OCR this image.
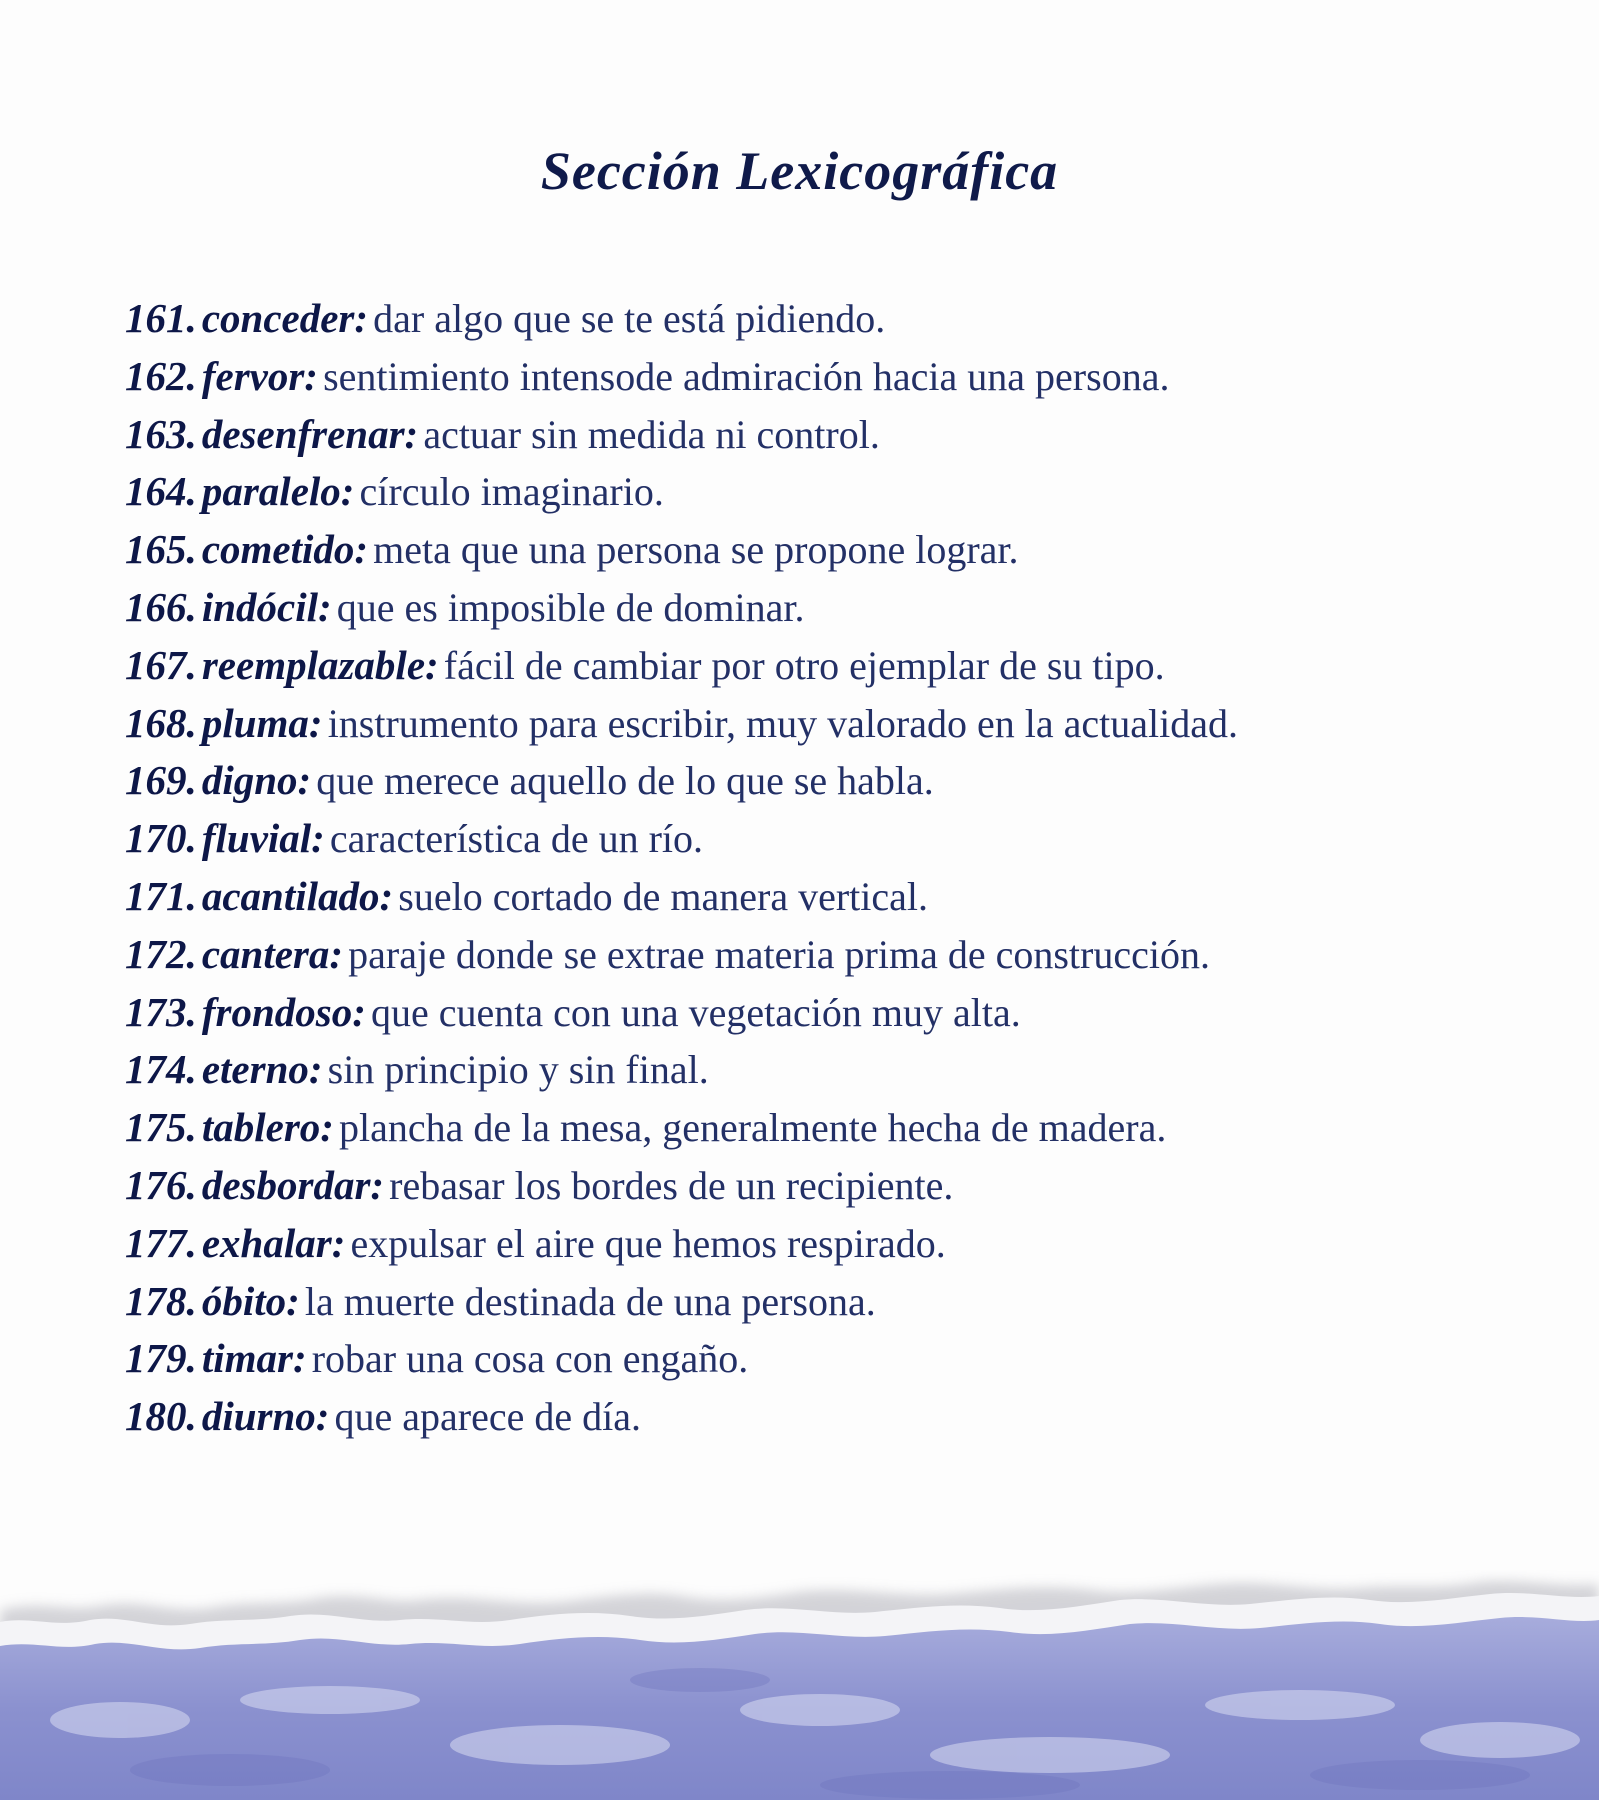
Sección Lexicográfica
161. conceder: dar algo que se te está pidiendo.
162. fervor: sentimiento intensode admiración hacia una persona.
163. desenfrenar: actuar sin medida ni control.
164. paralelo: círculo imaginario.
165. cometido: meta que una persona se propone lograr.
166. indócil: que es imposible de dominar.
167. reemplazable: fácil de cambiar por otro ejemplar de su tipo.
168. pluma: instrumento para escribir, muy valorado en la actualidad.
169. digno: que merece aquello de lo que se habla.
170. fluvial: característica de un río.
171. acantilado: suelo cortado de manera vertical.
172. cantera: paraje donde se extrae materia prima de construcción.
173. frondoso: que cuenta con una vegetación muy alta.
174. eterno: sin principio y sin final.
175. tablero: plancha de la mesa, generalmente hecha de madera.
176. desbordar: rebasar los bordes de un recipiente.
177. exhalar: expulsar el aire que hemos respirado.
178. óbito: la muerte destinada de una persona.
179. timar: robar una cosa con engaño.
180. diurno: que aparece de día.
